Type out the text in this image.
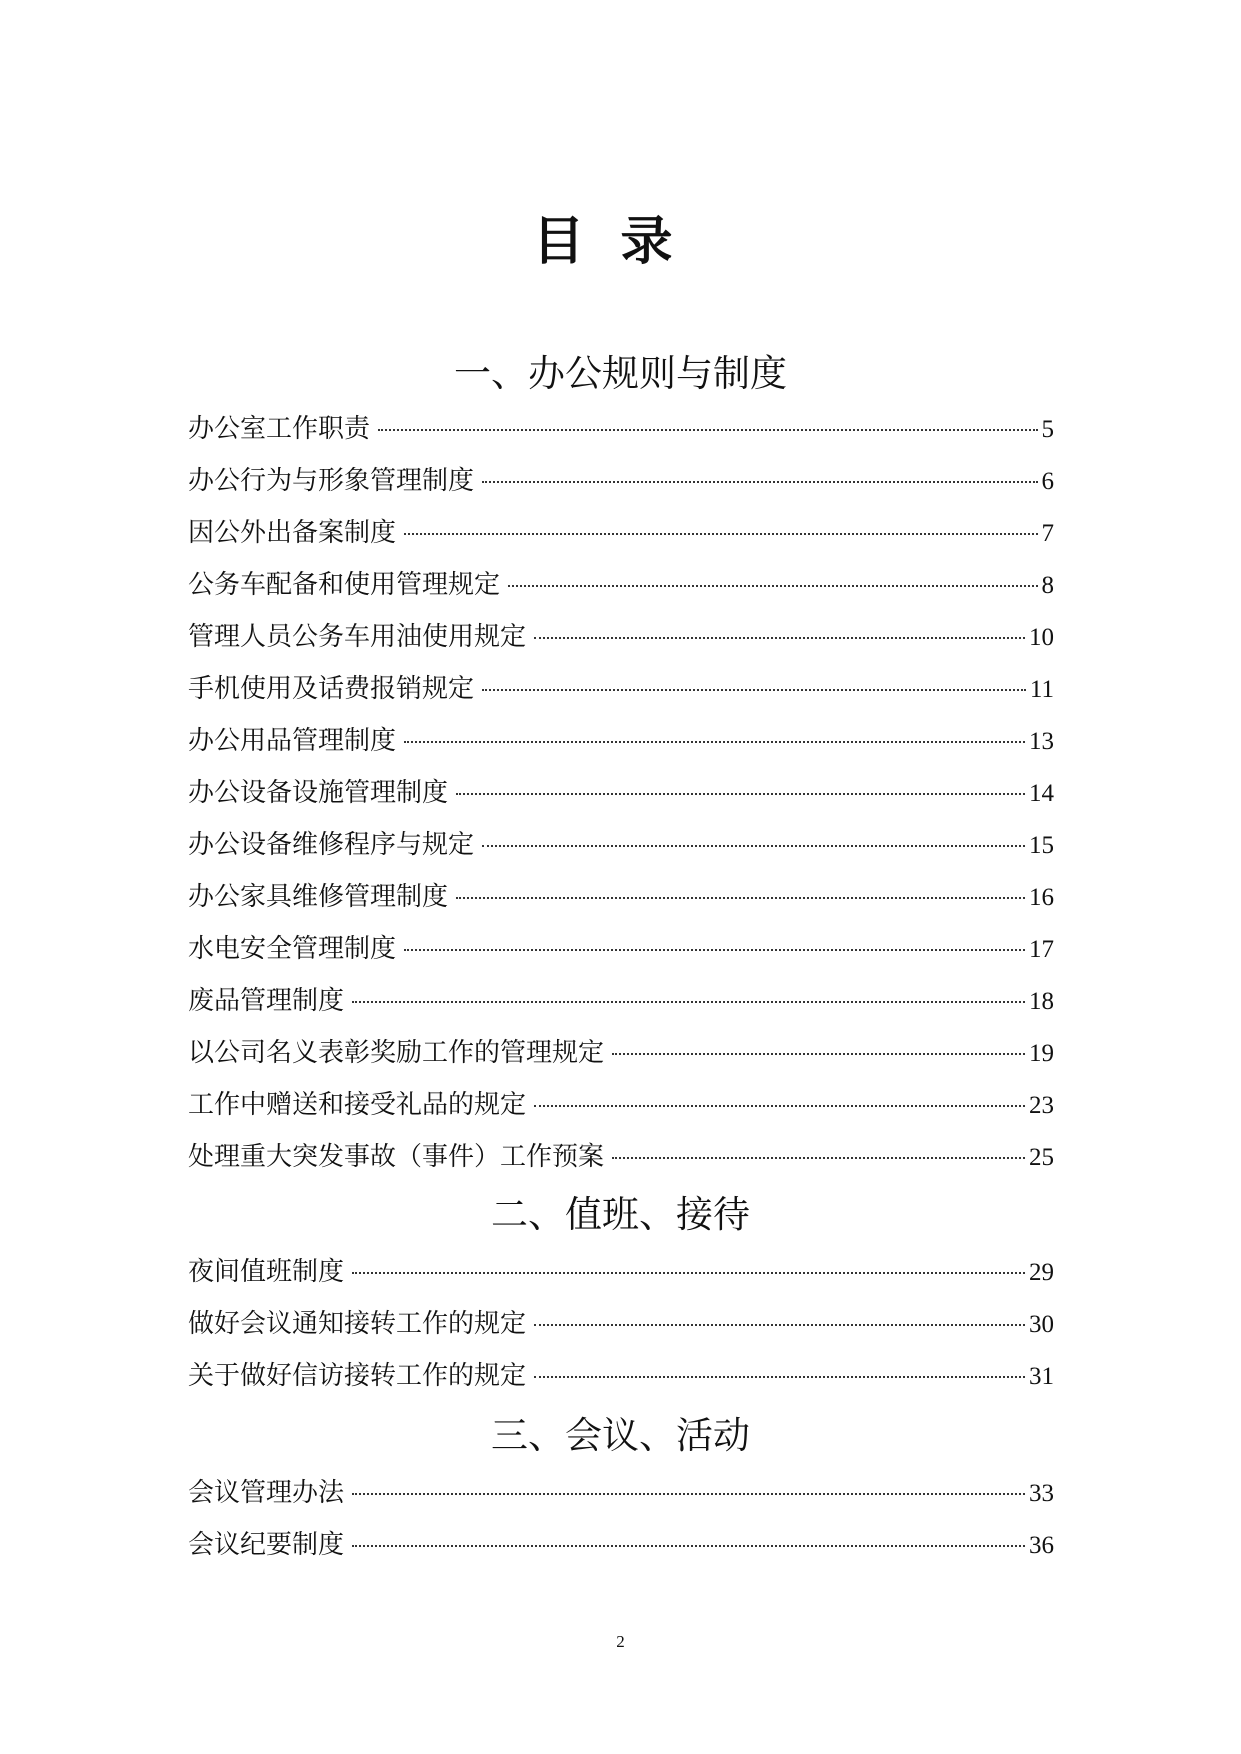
目录
一、办公规则与制度
办公室工作职责	5
办公行为与形象管理制度	6
因公外出备案制度	7
公务车配备和使用管理规定	8
管理人员公务车用油使用规定	10
手机使用及话费报销规定	11
办公用品管理制度	13
办公设备设施管理制度	14
办公设备维修程序与规定	15
办公家具维修管理制度	16
水电安全管理制度	17
废品管理制度	18
以公司名义表彰奖励工作的管理规定	19
工作中赠送和接受礼品的规定	23
处理重大突发事故（事件）工作预案	25
二、值班、接待
夜间值班制度	29
做好会议通知接转工作的规定	30
关于做好信访接转工作的规定	31
三、会议、活动
会议管理办法	33
会议纪要制度	36
2
